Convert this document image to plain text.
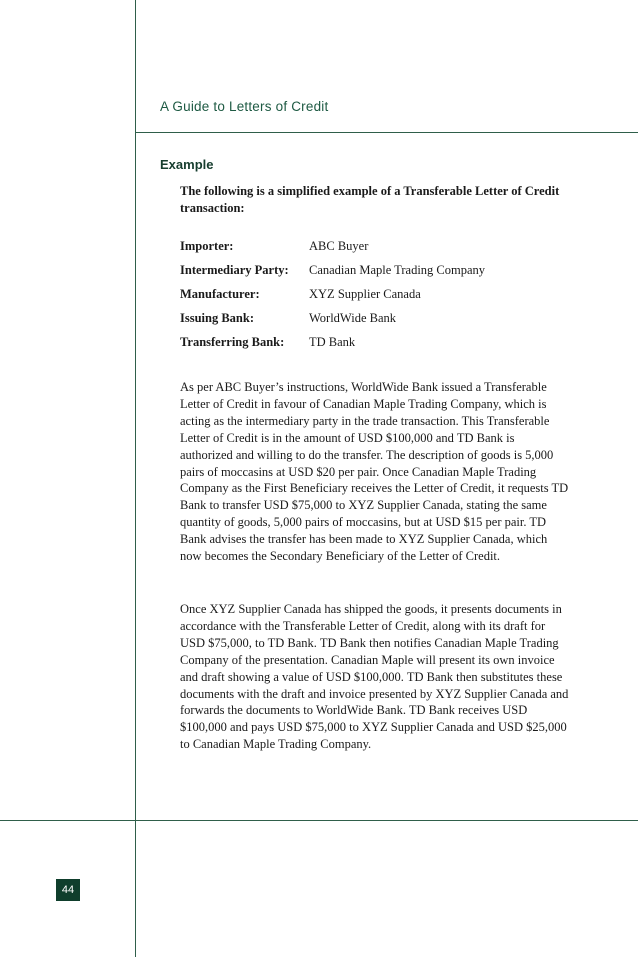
A Guide to Letters of Credit

Example

The following is a simplified example of a Transferable Letter of Credit transaction:

Importer:	ABC Buyer
Intermediary Party:	Canadian Maple Trading Company
Manufacturer:	XYZ Supplier Canada
Issuing Bank:	WorldWide Bank
Transferring Bank:	TD Bank

As per ABC Buyer’s instructions, WorldWide Bank issued a Transferable Letter of Credit in favour of Canadian Maple Trading Company, which is acting as the intermediary party in the trade transaction. This Transferable Letter of Credit is in the amount of USD $100,000 and TD Bank is authorized and willing to do the transfer. The description of goods is 5,000 pairs of moccasins at USD $20 per pair. Once Canadian Maple Trading Company as the First Beneficiary receives the Letter of Credit, it requests TD Bank to transfer USD $75,000 to XYZ Supplier Canada, stating the same quantity of goods, 5,000 pairs of moccasins, but at USD $15 per pair. TD Bank advises the transfer has been made to XYZ Supplier Canada, which now becomes the Secondary Beneficiary of the Letter of Credit.

Once XYZ Supplier Canada has shipped the goods, it presents documents in accordance with the Transferable Letter of Credit, along with its draft for USD $75,000, to TD Bank. TD Bank then notifies Canadian Maple Trading Company of the presentation. Canadian Maple will present its own invoice and draft showing a value of USD $100,000. TD Bank then substitutes these documents with the draft and invoice presented by XYZ Supplier Canada and forwards the documents to WorldWide Bank. TD Bank receives USD $100,000 and pays USD $75,000 to XYZ Supplier Canada and USD $25,000 to Canadian Maple Trading Company.

44
